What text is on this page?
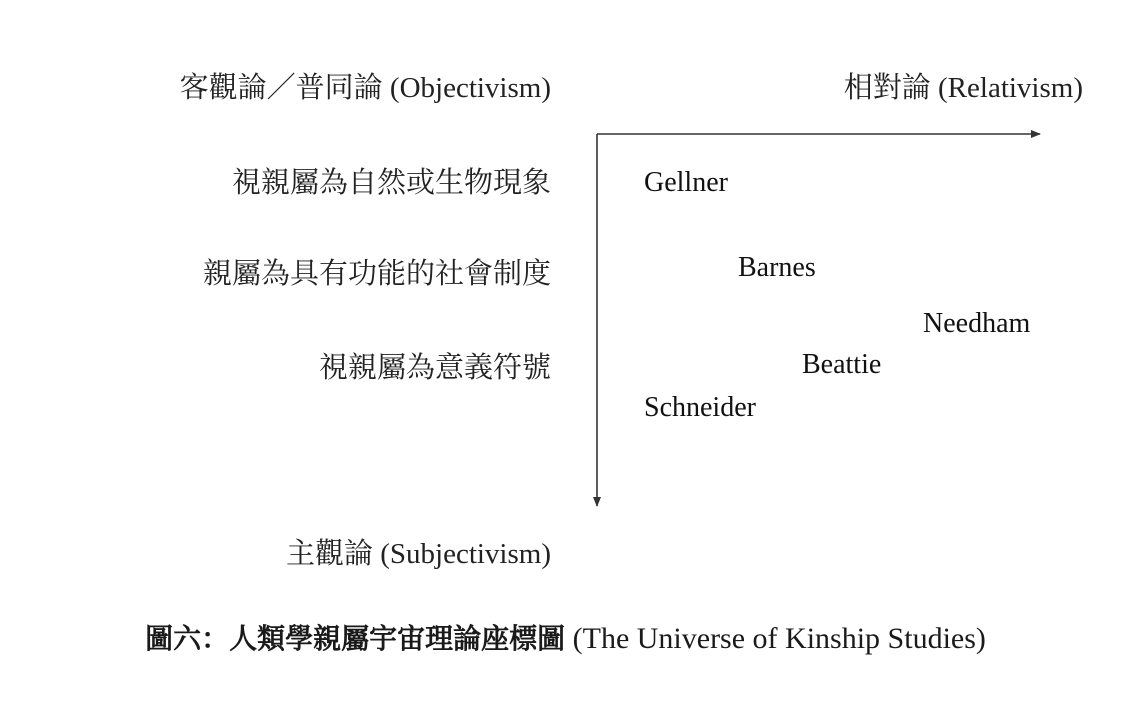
客觀論／普同論 (Objectivism)	相對論 (Relativism)
視親屬為自然或生物現象
親屬為具有功能的社會制度
視親屬為意義符號
主觀論 (Subjectivism)
Gellner
Barnes
Needham
Beattie
Schneider
圖六：人類學親屬宇宙理論座標圖 (The Universe of Kinship Studies)
